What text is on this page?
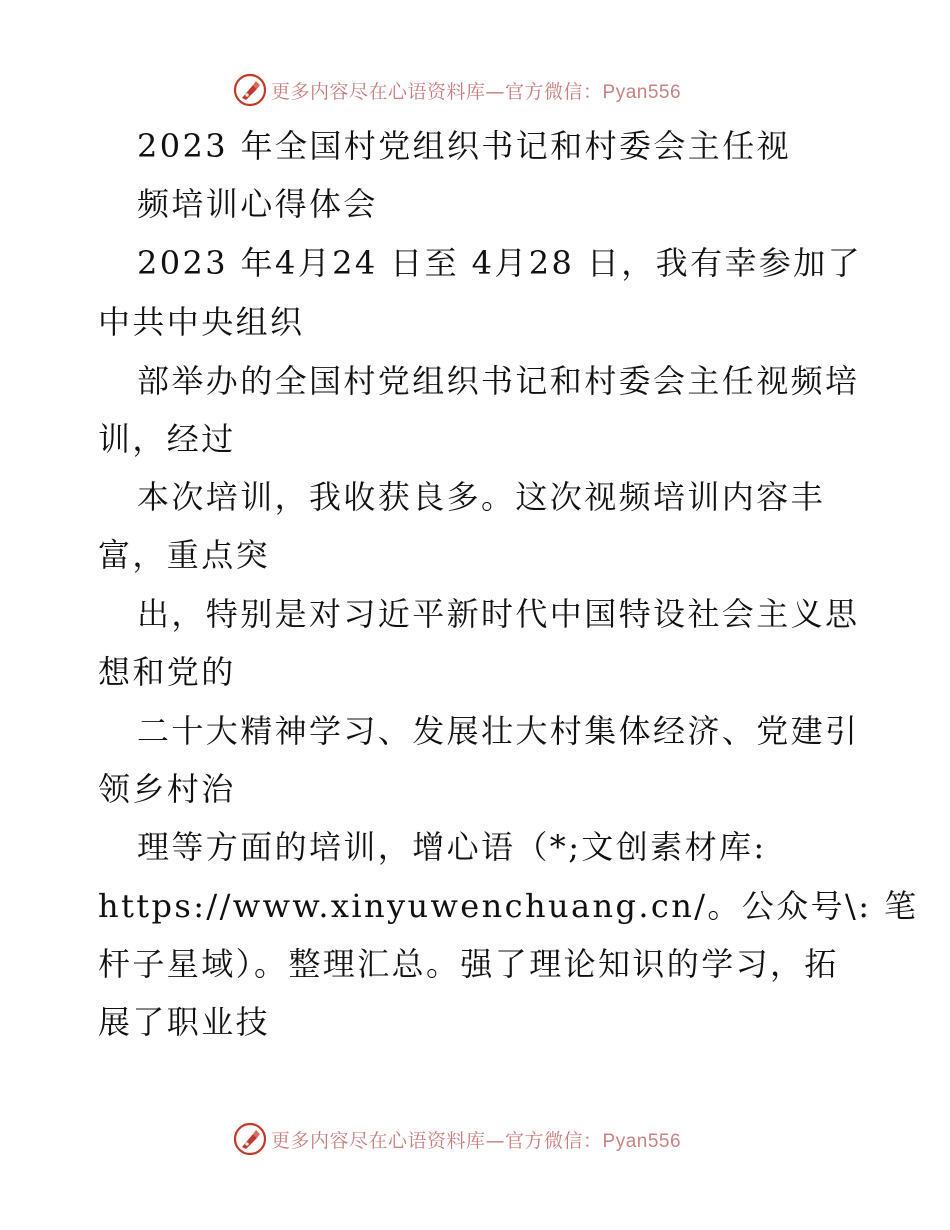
更多内容尽在心语资料库—官方微信：Pyan556
2023 年全国村党组织书记和村委会主任视
频培训心得体会
2023 年4月24 日至 4月28 日，我有幸参加了
中共中央组织
部举办的全国村党组织书记和村委会主任视频培
训，经过
本次培训，我收获良多。这次视频培训内容丰
富，重点突
出，特别是对习近平新时代中国特设社会主义思
想和党的
二十大精神学习、发展壮大村集体经济、党建引
领乡村治
理等方面的培训，增心语（*;文创素材库:
https://www.xinyuwenchuang.cn/。公众号\: 笔
杆子星域）。整理汇总。强了理论知识的学习，拓
展了职业技
更多内容尽在心语资料库—官方微信：Pyan556
